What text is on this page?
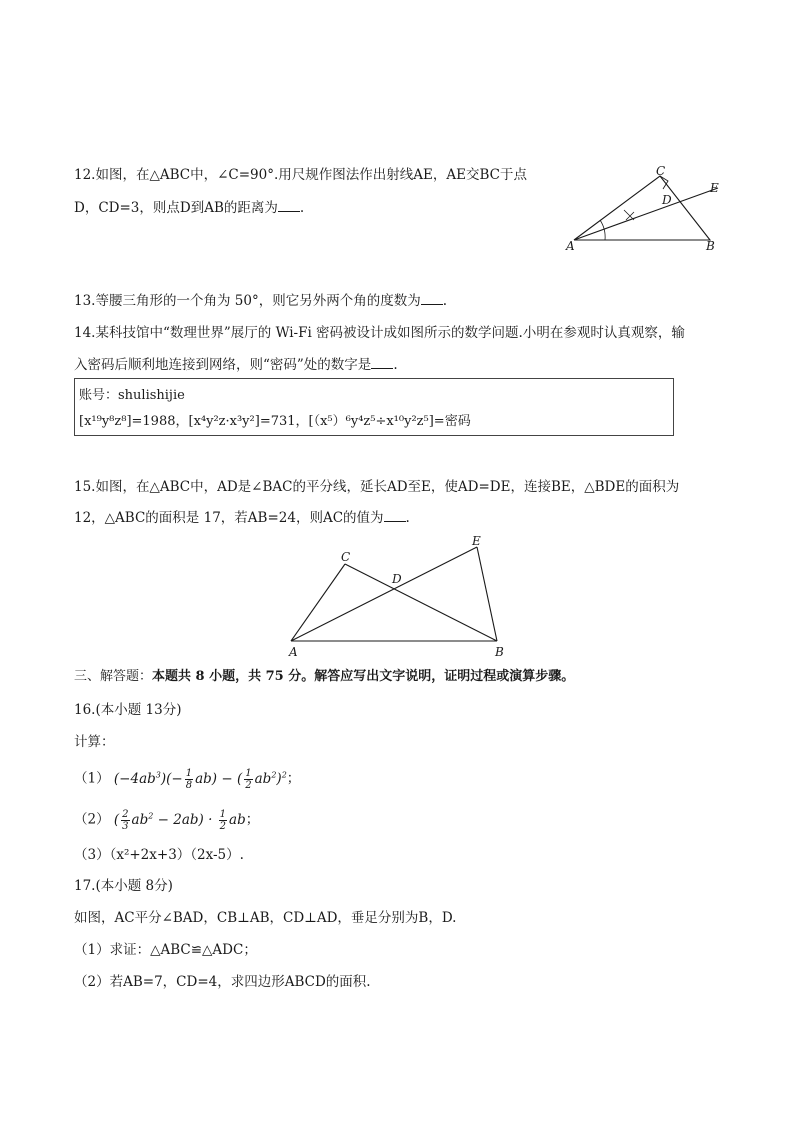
12.如图，在△ABC中，∠C=90°.用尺规作图法作出射线AE，AE交BC于点
D，CD=3，则点D到AB的距离为 .
C
A	B
D
E
13.等腰三角形的一个角为 50°，则它另外两个角的度数为 .
14.某科技馆中“数理世界”展厅的 Wi-Fi 密码被设计成如图所示的数学问题.小明在参观时认真观察，输
入密码后顺利地连接到网络，则“密码”处的数字是 .
账号：shulishijie
[x¹⁹y⁸z⁸]=1988，[x⁴y²z·x³y²]=731，[（x⁵）⁶y⁴z⁵÷x¹⁰y²z⁵]=密码
15.如图，在△ABC中，AD是∠BAC的平分线，延长AD至E，使AD=DE，连接BE，△BDE的面积为
12，△ABC的面积是 17，若AB=24，则AC的值为 .
C
E
D
A	B
三、解答题：本题共 8 小题，共 75 分。解答应写出文字说明，证明过程或演算步骤。
16.(本小题 13分)
计算：
（1） $(-4ab^3)(- \frac{1}{8} ab)$ − ( $\frac{1}{2} ab^2)^2$；
（2） ( $\frac{2}{3} ab^2 - 2ab) \cdot \frac{1}{2}$ ab；
（3）（x²+2x+3）（2x-5）.
17.(本小题 8分)
如图，AC平分∠BAD，CB⊥AB，CD⊥AD，垂足分别为B，D.
（1）求证：△ABC≌△ADC；
（2）若AB=7，CD=4，求四边形ABCD的面积.
